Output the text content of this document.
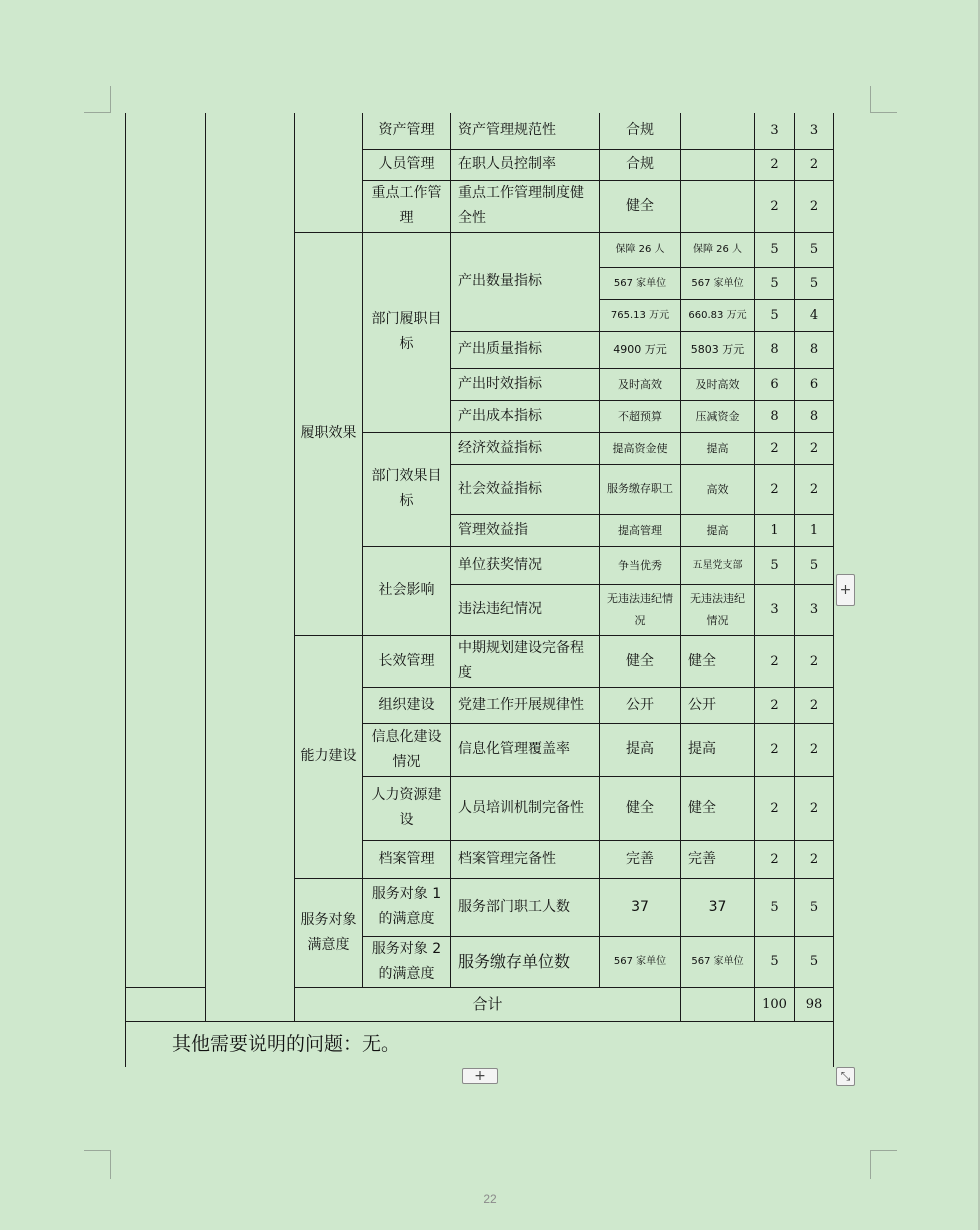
			资产管理	资产管理规范性	合规		3	3
			人员管理	在职人员控制率	合规		2	2
			重点工作管理	重点工作管理制度健全性	健全		2	2
		履职效果	部门履职目标	产出数量指标	保障 26 人	保障 26 人	5	5
					567 家单位	567 家单位	5	5
					765.13 万元	660.83 万元	5	4
				产出质量指标	4900 万元	5803 万元	8	8
				产出时效指标	及时高效	及时高效	6	6
				产出成本指标	不超预算	压减资金	8	8
			部门效果目标	经济效益指标	提高资金使	提高	2	2
				社会效益指标	服务缴存职工	高效	2	2
				管理效益指	提高管理	提高	1	1
			社会影响	单位获奖情况	争当优秀	五星党支部	5	5
				违法违纪情况	无违法违纪情况	无违法违纪情况	3	3
		能力建设	长效管理	中期规划建设完备程度	健全	健全	2	2
			组织建设	党建工作开展规律性	公开	公开	2	2
			信息化建设情况	信息化管理覆盖率	提高	提高	2	2
			人力资源建设	人员培训机制完备性	健全	健全	2	2
			档案管理	档案管理完备性	完善	完善	2	2
		服务对象满意度	服务对象 1 的满意度	服务部门职工人数	37	37	5	5
			服务对象 2 的满意度	服务缴存单位数	567 家单位	567 家单位	5	5
		合计					100	98
其他需要说明的问题：无。								
+
+	⤡
22
